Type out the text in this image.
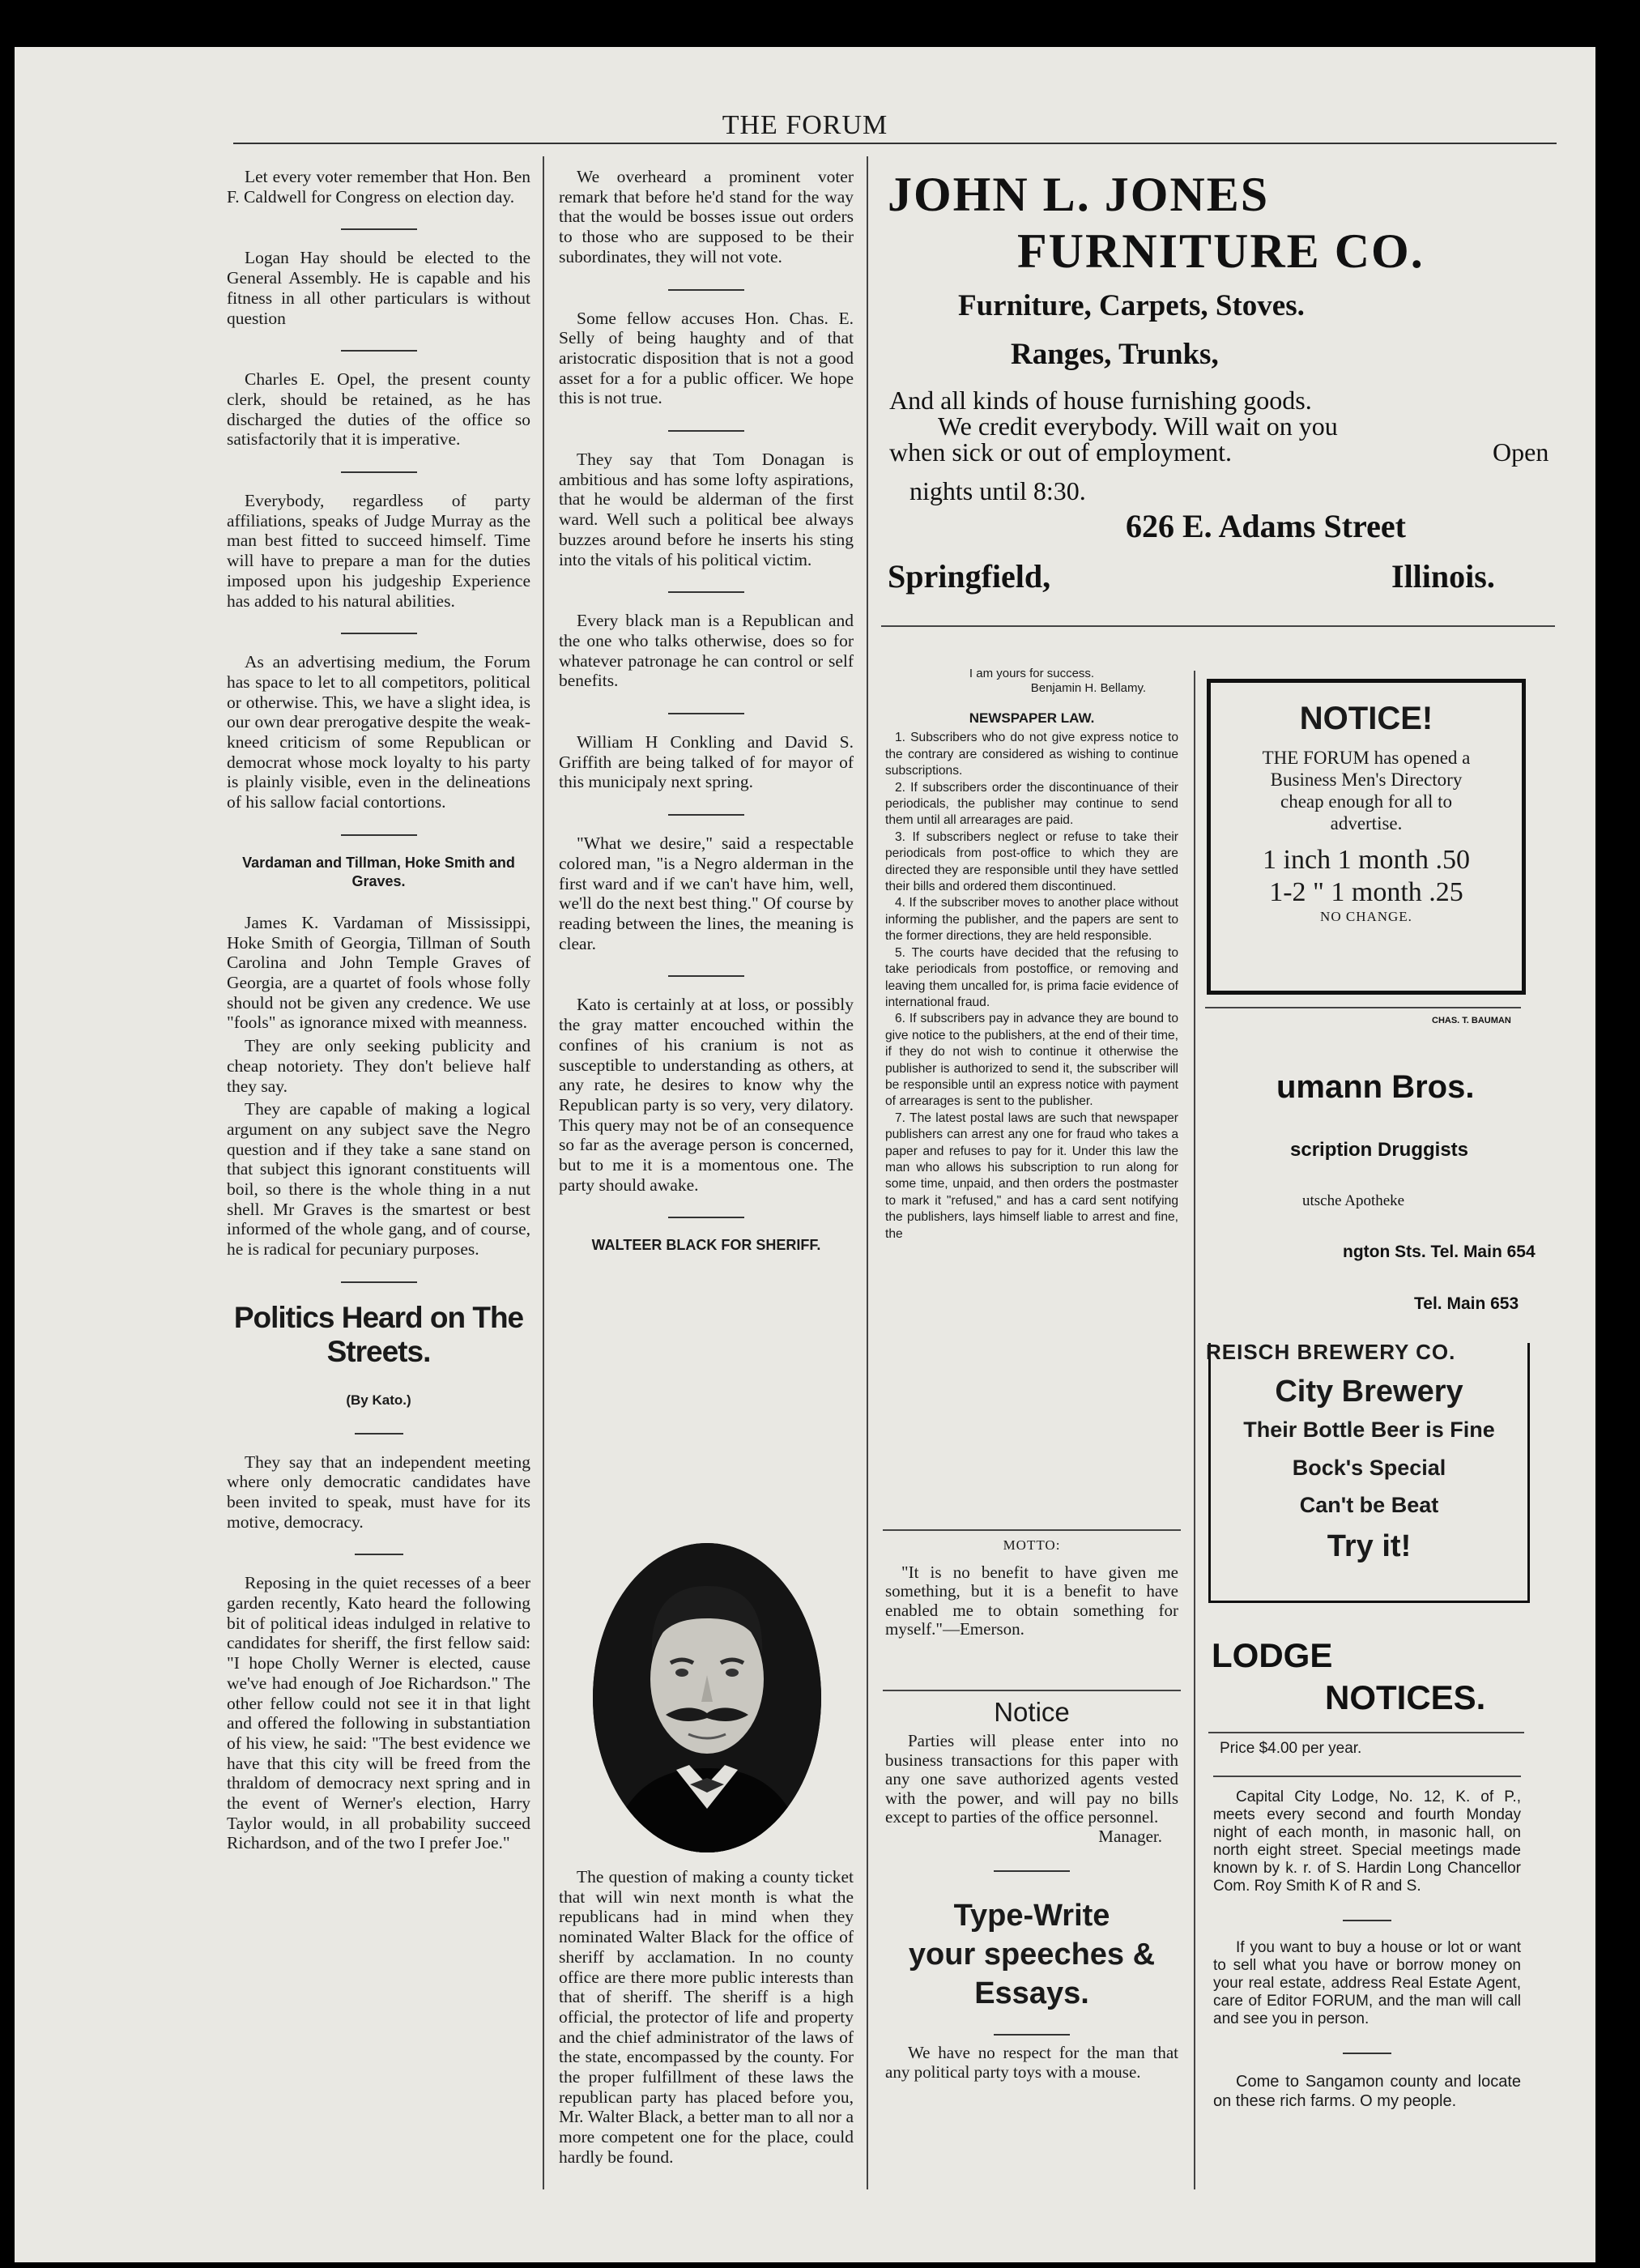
THE FORUM

Let every voter remember that Hon. Ben F. Caldwell for Congress on election day.

Logan Hay should be elected to the General Assembly. He is capable and his fitness in all other particulars is without question

Charles E. Opel, the present county clerk, should be retained, as he has discharged the duties of the office so satisfactorily that it is imperative.

Everybody, regardless of party affiliations, speaks of Judge Murray as the man best fitted to succeed himself. Time will have to prepare a man for the duties imposed upon his judgeship Experience has added to his natural abilities.

As an advertising medium, the Forum has space to let to all competitors, political or otherwise. This, we have a slight idea, is our own dear prerogative despite the weak-kneed criticism of some Republican or democrat whose mock loyalty to his party is plainly visible, even in the delineations of his sallow facial contortions.

Vardaman and Tillman, Hoke Smith and Graves.

James K. Vardaman of Mississippi, Hoke Smith of Georgia, Tillman of South Carolina and John Temple Graves of Georgia, are a quartet of fools whose folly should not be given any credence. We use "fools" as ignorance mixed with meanness.

They are only seeking publicity and cheap notoriety. They don't believe half they say.

They are capable of making a logical argument on any subject save the Negro question and if they take a sane stand on that subject this ignorant constituents will boil, so there is the whole thing in a nut shell. Mr Graves is the smartest or best informed of the whole gang, and of course, he is radical for pecuniary purposes.

Politics Heard on The Streets.

(By Kato.)

They say that an independent meeting where only democratic candidates have been invited to speak, must have for its motive, democracy.

Reposing in the quiet recesses of a beer garden recently, Kato heard the following bit of political ideas indulged in relative to candidates for sheriff, the first fellow said: "I hope Cholly Werner is elected, cause we've had enough of Joe Richardson." The other fellow could not see it in that light and offered the following in substantiation of his view, he said: "The best evidence we have that this city will be freed from the thraldom of democracy next spring and in the event of Werner's election, Harry Taylor would, in all probability succeed Richardson, and of the two I prefer Joe."

We overheard a prominent voter remark that before he'd stand for the way that the would be bosses issue out orders to those who are supposed to be their subordinates, they will not vote.

Some fellow accuses Hon. Chas. E. Selly of being haughty and of that aristocratic disposition that is not a good asset for a for a public officer. We hope this is not true.

They say that Tom Donagan is ambitious and has some lofty aspirations, that he would be alderman of the first ward. Well such a political bee always buzzes around before he inserts his sting into the vitals of his political victim.

Every black man is a Republican and the one who talks otherwise, does so for whatever patronage he can control or self benefits.

William H Conkling and David S. Griffith are being talked of for mayor of this municipaly next spring.

"What we desire," said a respectable colored man, "is a Negro alderman in the first ward and if we can't have him, well, we'll do the next best thing." Of course by reading between the lines, the meaning is clear.

Kato is certainly at at loss, or possibly the gray matter encouched within the confines of his cranium is not as susceptible to understanding as others, at any rate, he desires to know why the Republican party is so very, very dilatory. This query may not be of an consequence so far as the average person is concerned, but to me it is a momentous one. The party should awake.

WALTEER BLACK FOR SHERIFF.

The question of making a county ticket that will win next month is what the republicans had in mind when they nominated Walter Black for the office of sheriff by acclamation. In no county office are there more public interests than that of sheriff. The sheriff is a high official, the protector of life and property and the chief administrator of the laws of the state, encompassed by the county. For the proper fulfillment of these laws the republican party has placed before you, Mr. Walter Black, a better man to all nor a more competent one for the place, could hardly be found.

JOHN L. JONES
FURNITURE CO.
Furniture, Carpets, Stoves.
Ranges, Trunks,
And all kinds of house furnishing goods.
We credit everybody. Will wait on you
when sick or out of employment.	Open
nights until 8:30.
626 E. Adams Street
Springfield,	Illinois.
I am yours for success.
Benjamin H. Bellamy.
NEWSPAPER LAW.

1. Subscribers who do not give express notice to the contrary are considered as wishing to continue subscriptions.

2. If subscribers order the discontinuance of their periodicals, the publisher may continue to send them until all arrearages are paid.

3. If subscribers neglect or refuse to take their periodicals from post-office to which they are directed they are responsible until they have settled their bills and ordered them discontinued.

4. If the subscriber moves to another place without informing the publisher, and the papers are sent to the former directions, they are held responsible.

5. The courts have decided that the refusing to take periodicals from postoffice, or removing and leaving them uncalled for, is prima facie evidence of international fraud.

6. If subscribers pay in advance they are bound to give notice to the publishers, at the end of their time, if they do not wish to continue it otherwise the publisher is authorized to send it, the subscriber will be responsible until an express notice with payment of arrearages is sent to the publisher.

7. The latest postal laws are such that newspaper publishers can arrest any one for fraud who takes a paper and refuses to pay for it. Under this law the man who allows his subscription to run along for some time, unpaid, and then orders the postmaster to mark it "refused," and has a card sent notifying the publishers, lays himself liable to arrest and fine, the

MOTTO:

"It is no benefit to have given me something, but it is a benefit to have enabled me to obtain something for myself."—Emerson.

Notice

Parties will please enter into no business transactions for this paper with any one save authorized agents vested with the power, and will pay no bills except to parties of the office personnel.

Manager.
Type-Write
your speeches &
Essays.

We have no respect for the man that any political party toys with a mouse.

NOTICE!
THE FORUM has opened a
Business Men's Directory
cheap enough for all to
advertise.
1 inch 1 month .50
1-2 " 1 month .25
NO CHANGE.
CHAS. T. BAUMAN
umann Bros.
scription Druggists
utsche Apotheke
ngton Sts. Tel. Main 654
Tel. Main 653
REISCH BREWERY CO.
City Brewery
Their Bottle Beer is Fine
Bock's Special
Can't be Beat
Try it!
LODGE
NOTICES.
Price $4.00 per year.

Capital City Lodge, No. 12, K. of P., meets every second and fourth Monday night of each month, in masonic hall, on north eight street. Special meetings made known by k. r. of S. Hardin Long Chancellor Com. Roy Smith K of R and S.

If you want to buy a house or lot or want to sell what you have or borrow money on your real estate, address Real Estate Agent, care of Editor FORUM, and the man will call and see you in person.

Come to Sangamon county and locate on these rich farms. O my people.
